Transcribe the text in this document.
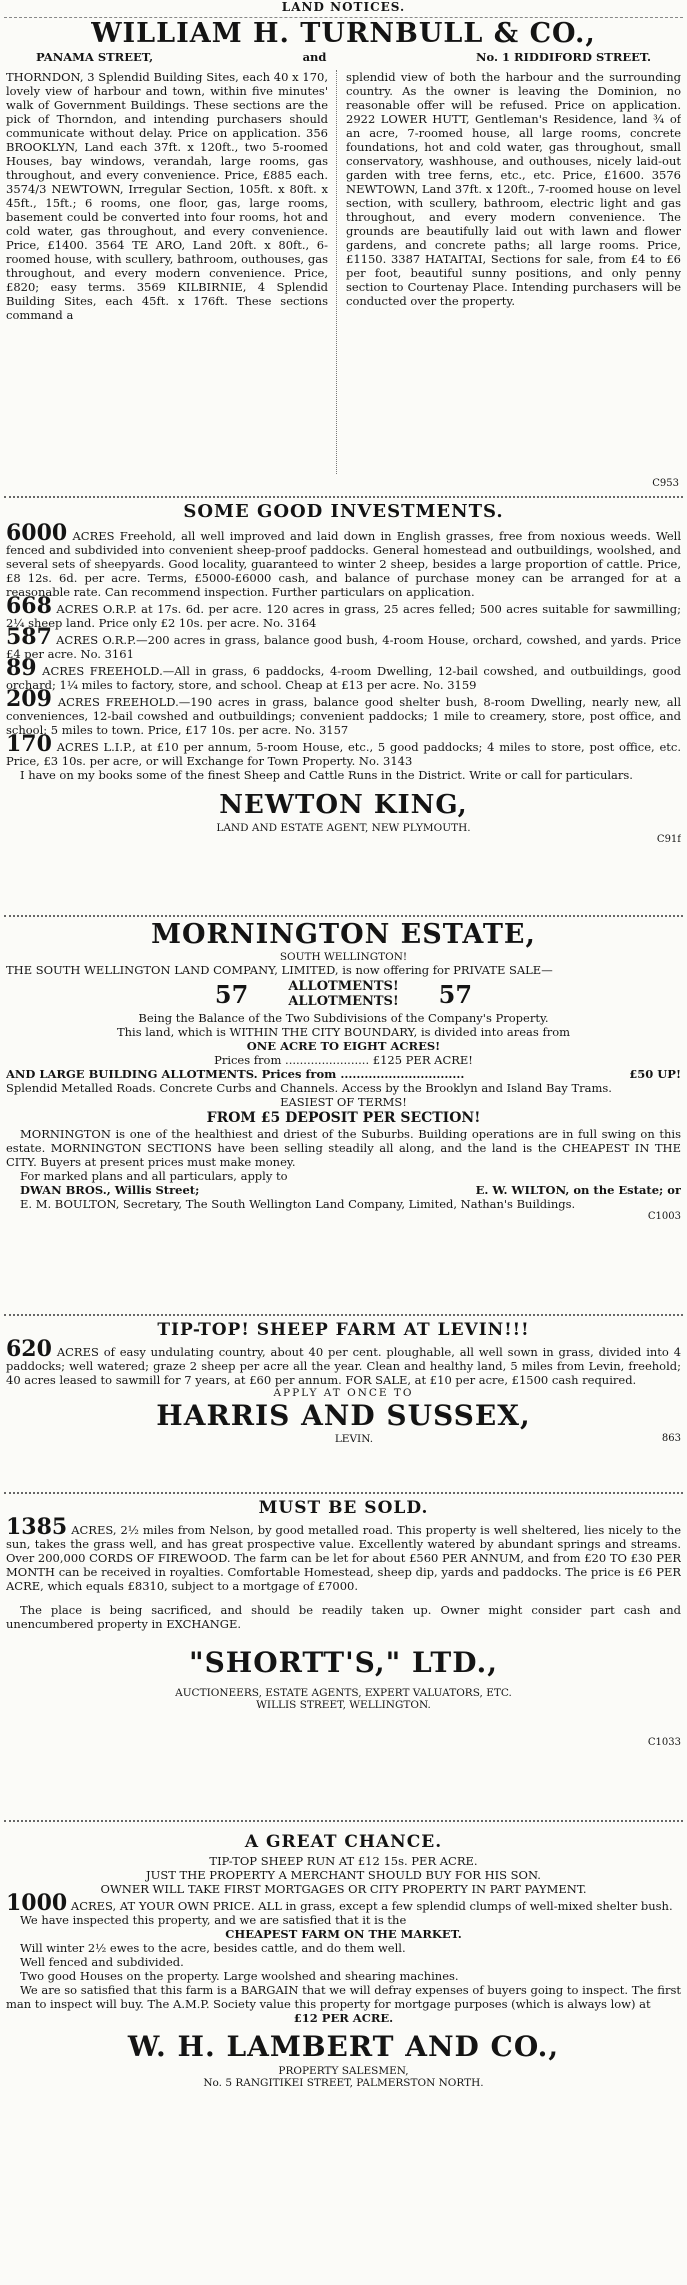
LAND NOTICES.
WILLIAM H. TURNBULL & CO.,
PANAMA STREET,	and	No. 1 RIDDIFORD STREET.

THORNDON, 3 Splendid Building Sites, each 40 x 170, lovely view of harbour and town, within five minutes' walk of Government Buildings. These sections are the pick of Thorndon, and intending purchasers should communicate without delay. Price on application. 356 BROOKLYN, Land each 37ft. x 120ft., two 5-roomed Houses, bay windows, verandah, large rooms, gas throughout, and every convenience. Price, £885 each. 3574/3 NEWTOWN, Irregular Section, 105ft. x 80ft. x 45ft., 15ft.; 6 rooms, one floor, gas, large rooms, basement could be converted into four rooms, hot and cold water, gas throughout, and every convenience. Price, £1400. 3564 TE ARO, Land 20ft. x 80ft., 6-roomed house, with scullery, bathroom, outhouses, gas throughout, and every modern convenience. Price, £820; easy terms. 3569 KILBIRNIE, 4 Splendid Building Sites, each 45ft. x 176ft. These sections command a

splendid view of both the harbour and the surrounding country. As the owner is leaving the Dominion, no reasonable offer will be refused. Price on application. 2922 LOWER HUTT, Gentleman's Residence, land ¾ of an acre, 7-roomed house, all large rooms, concrete foundations, hot and cold water, gas throughout, small conservatory, washhouse, and outhouses, nicely laid-out garden with tree ferns, etc., etc. Price, £1600. 3576 NEWTOWN, Land 37ft. x 120ft., 7-roomed house on level section, with scullery, bathroom, electric light and gas throughout, and every modern convenience. The grounds are beautifully laid out with lawn and flower gardens, and concrete paths; all large rooms. Price, £1150. 3387 HATAITAI, Sections for sale, from £4 to £6 per foot, beautiful sunny positions, and only penny section to Courtenay Place. Intending purchasers will be conducted over the property.

C953
SOME GOOD INVESTMENTS.
6000 ACRES Freehold, all well improved and laid down in English grasses, free from noxious weeds. Well fenced and subdivided into convenient sheep-proof paddocks. General homestead and outbuildings, woolshed, and several sets of sheepyards. Good locality, guaranteed to winter 2 sheep, besides a large proportion of cattle. Price, £8 12s. 6d. per acre. Terms, £5000-£6000 cash, and balance of purchase money can be arranged for at a reasonable rate. Can recommend inspection. Further particulars on application.
668 ACRES O.R.P. at 17s. 6d. per acre. 120 acres in grass, 25 acres felled; 500 acres suitable for sawmilling; 2¼ sheep land. Price only £2 10s. per acre. No. 3164
587 ACRES O.R.P.—200 acres in grass, balance good bush, 4-room House, orchard, cowshed, and yards. Price £4 per acre. No. 3161
89 ACRES FREEHOLD.—All in grass, 6 paddocks, 4-room Dwelling, 12-bail cowshed, and outbuildings, good orchard; 1¼ miles to factory, store, and school. Cheap at £13 per acre. No. 3159
209 ACRES FREEHOLD.—190 acres in grass, balance good shelter bush, 8-room Dwelling, nearly new, all conveniences, 12-bail cowshed and outbuildings; convenient paddocks; 1 mile to creamery, store, post office, and school; 5 miles to town. Price, £17 10s. per acre. No. 3157
170 ACRES L.I.P., at £10 per annum, 5-room House, etc., 5 good paddocks; 4 miles to store, post office, etc. Price, £3 10s. per acre, or will Exchange for Town Property. No. 3143

I have on my books some of the finest Sheep and Cattle Runs in the District. Write or call for particulars.

NEWTON KING,
LAND AND ESTATE AGENT, NEW PLYMOUTH.
C91f
MORNINGTON ESTATE,
SOUTH WELLINGTON!

THE SOUTH WELLINGTON LAND COMPANY, LIMITED, is now offering for PRIVATE SALE—

57	ALLOTMENTS!
ALLOTMENTS! 57
Being the Balance of the Two Subdivisions of the Company's Property.
This land, which is WITHIN THE CITY BOUNDARY, is divided into areas from
ONE ACRE TO EIGHT ACRES!
Prices from ....................... £125 PER ACRE!
AND LARGE BUILDING ALLOTMENTS. Prices from ...............................	£50 UP!

Splendid Metalled Roads. Concrete Curbs and Channels. Access by the Brooklyn and Island Bay Trams.

EASIEST OF TERMS!
FROM £5 DEPOSIT PER SECTION!

MORNINGTON is one of the healthiest and driest of the Suburbs. Building operations are in full swing on this estate. MORNINGTON SECTIONS have been selling steadily all along, and the land is the CHEAPEST IN THE CITY. Buyers at present prices must make money.

For marked plans and all particulars, apply to

DWAN BROS., Willis Street;	E. W. WILTON, on the Estate; or

E. M. BOULTON, Secretary, The South Wellington Land Company, Limited, Nathan's Buildings.

C1003
TIP-TOP! SHEEP FARM AT LEVIN!!!

620 ACRES of easy undulating country, about 40 per cent. ploughable, all well sown in grass, divided into 4 paddocks; well watered; graze 2 sheep per acre all the year. Clean and healthy land, 5 miles from Levin, freehold; 40 acres leased to sawmill for 7 years, at £60 per annum. FOR SALE, at £10 per acre, £1500 cash required.

APPLY AT ONCE TO
HARRIS AND SUSSEX,
LEVIN.	863
MUST BE SOLD.

1385 ACRES, 2½ miles from Nelson, by good metalled road. This property is well sheltered, lies nicely to the sun, takes the grass well, and has great prospective value. Excellently watered by abundant springs and streams. Over 200,000 CORDS OF FIREWOOD. The farm can be let for about £560 PER ANNUM, and from £20 TO £30 PER MONTH can be received in royalties. Comfortable Homestead, sheep dip, yards and paddocks. The price is £6 PER ACRE, which equals £8310, subject to a mortgage of £7000.

The place is being sacrificed, and should be readily taken up. Owner might consider part cash and unencumbered property in EXCHANGE.

"SHORTT'S," LTD.,
AUCTIONEERS, ESTATE AGENTS, EXPERT VALUATORS, ETC.
WILLIS STREET, WELLINGTON.
C1033
A GREAT CHANCE.
TIP-TOP SHEEP RUN AT £12 15s. PER ACRE.
JUST THE PROPERTY A MERCHANT SHOULD BUY FOR HIS SON.
OWNER WILL TAKE FIRST MORTGAGES OR CITY PROPERTY IN PART PAYMENT.

1000 ACRES, AT YOUR OWN PRICE. ALL in grass, except a few splendid clumps of well-mixed shelter bush.

We have inspected this property, and we are satisfied that it is the

CHEAPEST FARM ON THE MARKET.

Will winter 2½ ewes to the acre, besides cattle, and do them well.

Well fenced and subdivided.

Two good Houses on the property. Large woolshed and shearing machines.

We are so satisfied that this farm is a BARGAIN that we will defray expenses of buyers going to inspect. The first man to inspect will buy. The A.M.P. Society value this property for mortgage purposes (which is always low) at

£12 PER ACRE.
W. H. LAMBERT AND CO.,
PROPERTY SALESMEN,
No. 5 RANGITIKEI STREET, PALMERSTON NORTH.
